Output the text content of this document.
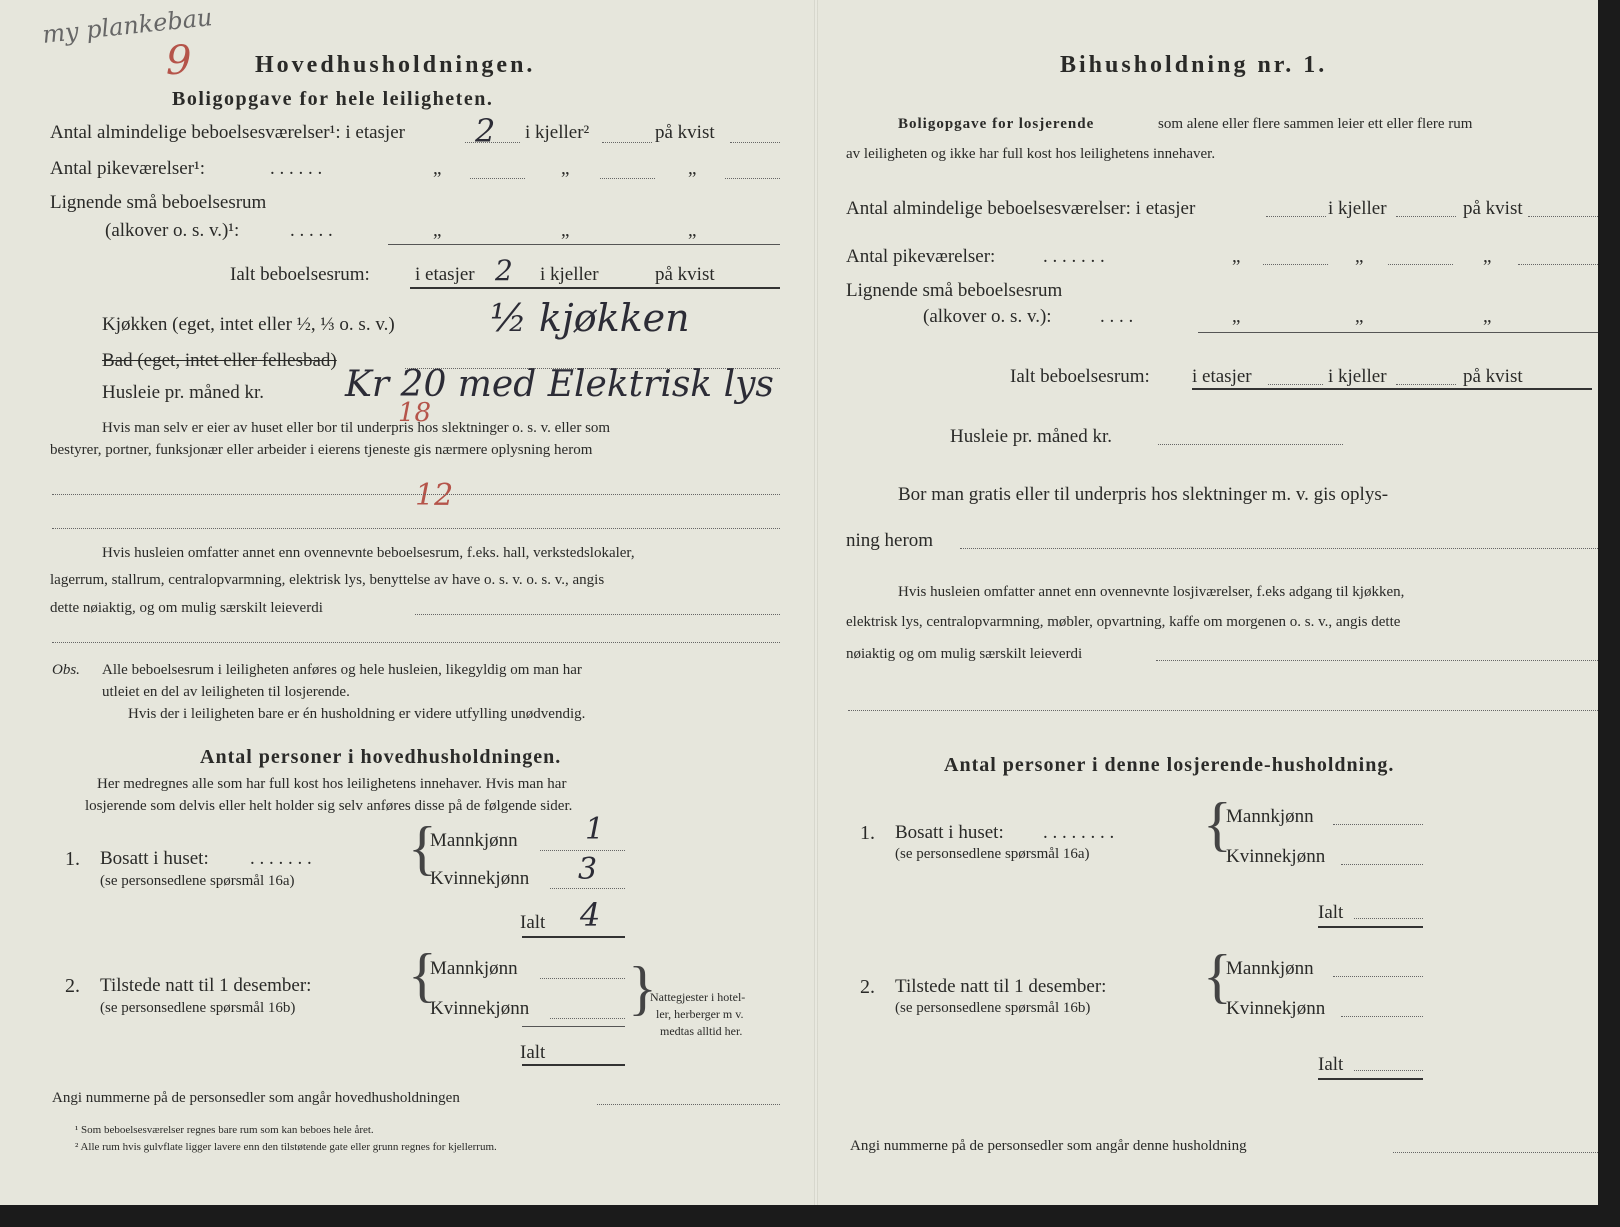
my plankebau
9	Hovedhusholdningen.
Boligopgave for hele leiligheten.
Antal almindelige beboelsesværelser¹: i etasjer 2 i kjeller²	på kvist
Antal pikeværelser¹:	. . . . . .	„	„	„
Lignende små beboelsesrum
(alkover o. s. v.)¹:	. . . . .	„	„	„
Ialt beboelsesrum: i etasjer 2 i kjeller	på kvist
Kjøkken (eget, intet eller ½, ⅓ o. s. v.)	½ kjøkken
Bad (eget, intet eller fellesbad)
Husleie pr. måned kr. Kr 20 med Elektrisk lys
18
Hvis man selv er eier av huset eller bor til underpris hos slektninger o. s. v. eller som
bestyrer, portner, funksjonær eller arbeider i eierens tjeneste gis nærmere oplysning herom
12
Hvis husleien omfatter annet enn ovennevnte beboelsesrum, f.eks. hall, verkstedslokaler,
lagerrum, stallrum, centralopvarmning, elektrisk lys, benyttelse av have o. s. v. o. s. v., angis
dette nøiaktig, og om mulig særskilt leieverdi
Obs. Alle beboelsesrum i leiligheten anføres og hele husleien, likegyldig om man har
utleiet en del av leiligheten til losjerende.
Hvis der i leiligheten bare er én husholdning er videre utfylling unødvendig.
Antal personer i hovedhusholdningen.
Her medregnes alle som har full kost hos leilighetens innehaver. Hvis man har
losjerende som delvis eller helt holder sig selv anføres disse på de følgende sider.
1. Bosatt i huset: . . . . . . .
(se personsedlene spørsmål 16a) {
Mannkjønn 1
Kvinnekjønn 3
Ialt 4
2. Tilstede natt til 1 desember:
(se personsedlene spørsmål 16b) {
Mannkjønn
Kvinnekjønn
Ialt
{
Nattegjester i hotel-
ler, herberger m v.
medtas alltid her.
Angi nummerne på de personsedler som angår hovedhusholdningen
¹ Som beboelsesværelser regnes bare rum som kan beboes hele året.
² Alle rum hvis gulvflate ligger lavere enn den tilstøtende gate eller grunn regnes for kjellerrum.
Bihusholdning nr. 1.
Boligopgave for losjerende	som alene eller flere sammen leier ett eller flere rum
av leiligheten og ikke har full kost hos leilighetens innehaver.
Antal almindelige beboelsesværelser: i etasjer	i kjeller	på kvist
Antal pikeværelser:	. . . . . . .	„	„	„
Lignende små beboelsesrum
(alkover o. s. v.):	. . . .	„	„	„
Ialt beboelsesrum: i etasjer	i kjeller	på kvist
Husleie pr. måned kr.
Bor man gratis eller til underpris hos slektninger m. v. gis oplys-
ning herom
Hvis husleien omfatter annet enn ovennevnte losjiværelser, f.eks adgang til kjøkken,
elektrisk lys, centralopvarmning, møbler, opvartning, kaffe om morgenen o. s. v., angis dette
nøiaktig og om mulig særskilt leieverdi
Antal personer i denne losjerende-husholdning.
1. Bosatt i huset: . . . . . . . .
(se personsedlene spørsmål 16a) {
Mannkjønn
Kvinnekjønn
Ialt
2. Tilstede natt til 1 desember:
(se personsedlene spørsmål 16b) {
Mannkjønn
Kvinnekjønn
Ialt
Angi nummerne på de personsedler som angår denne husholdning
